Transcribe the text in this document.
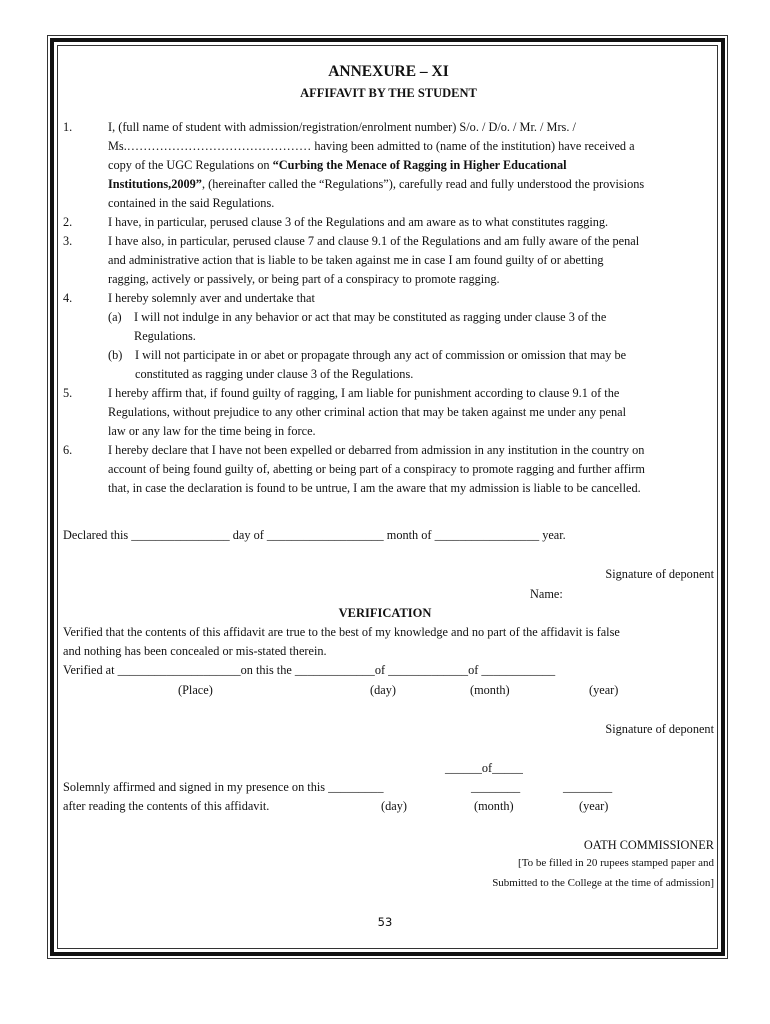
ANNEXURE – XI
AFFIFAVIT BY THE STUDENT
1.	I, (full name of student with admission/registration/enrolment number) S/o. / D/o. / Mr. / Mrs. /
Ms.……………………………………… having been admitted to (name of the institution) have received a
copy of the UGC Regulations on “Curbing the Menace of Ragging in Higher Educational
Institutions,2009”, (hereinafter called the “Regulations”), carefully read and fully understood the provisions
contained in the said Regulations.
2.	I have, in particular, perused clause 3 of the Regulations and am aware as to what constitutes ragging.
3.	I have also, in particular, perused clause 7 and clause 9.1 of the Regulations and am fully aware of the penal
and administrative action that is liable to be taken against me in case I am found guilty of or abetting
ragging, actively or passively, or being part of a conspiracy to promote ragging.
4.	I hereby solemnly aver and undertake that
(a) I will not indulge in any behavior or act that may be constituted as ragging under clause 3 of the
Regulations.
(b) I will not participate in or abet or propagate through any act of commission or omission that may be
constituted as ragging under clause 3 of the Regulations.
5.	I hereby affirm that, if found guilty of ragging, I am liable for punishment according to clause 9.1 of the
Regulations, without prejudice to any other criminal action that may be taken against me under any penal
law or any law for the time being in force.
6.	I hereby declare that I have not been expelled or debarred from admission in any institution in the country on
account of being found guilty of, abetting or being part of a conspiracy to promote ragging and further affirm
that, in case the declaration is found to be untrue, I am the aware that my admission is liable to be cancelled.
Declared this ________________ day of ___________________ month of _________________ year.
Signature of deponent
Name:
VERIFICATION
Verified that the contents of this affidavit are true to the best of my knowledge and no part of the affidavit is false
and nothing has been concealed or mis-stated therein.
Verified at ____________________on this the _____________of _____________of ____________
(Place)	(day)	(month)	(year)
Signature of deponent
______of_____
Solemnly affirmed and signed in my presence on this _________	________	________
after reading the contents of this affidavit.	(day)	(month)	(year)
OATH COMMISSIONER
[To be filled in 20 rupees stamped paper and
Submitted to the College at the time of admission]
53
